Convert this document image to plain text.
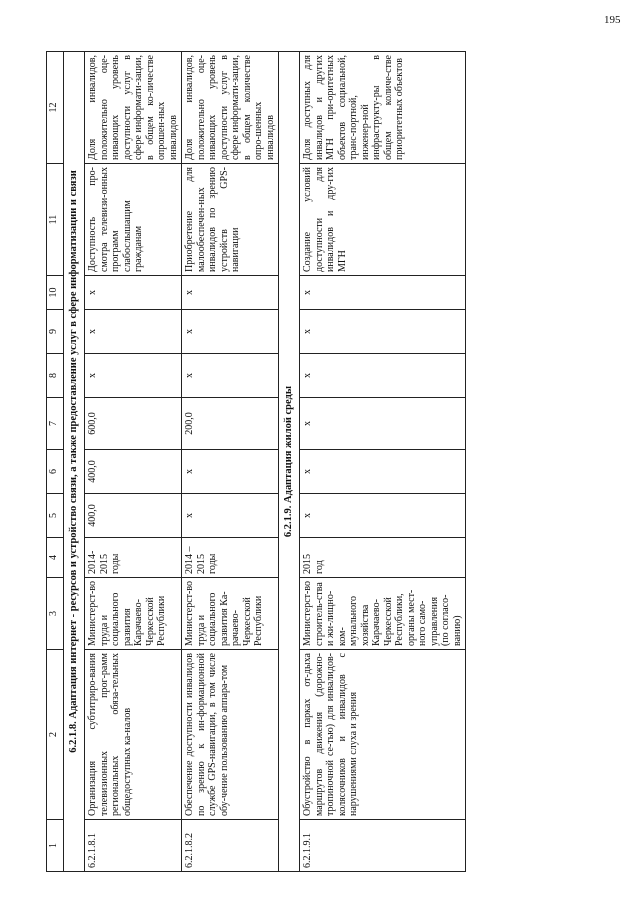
195
1	2	3	4	5	6	7	8	9	10	11	12
6.2.1.8. Адаптация интернет - ресурсов и устройство связи, а также предоставление услуг в сфере информатизации и связи											
6.2.1.8.1	Организация субтитриро-вания телевизионных прог-рамм региональных обяза-тельных общедоступных ка-налов	Министерст-во труда и социального развития Карачаево-Черкесской Республики	2014-2015 годы	400,0	400,0	600,0	x	x	x	Доступность про-смотра телевизи-онных программ слабослышащим гражданам	Доля инвалидов, положительно оце-нивающих уровень доступности услуг в сфере информати-зации, в общем ко-личестве опрошен-ных инвалидов
6.2.1.8.2	Обеспечение доступности инвалидов по зрению к ин-формационной службе GPS-навигации, в том числе обу-чение пользованию аппара-том	Министерст-во труда и социального развития Ка-рачаево-Черкесской Республики	2014 – 2015 годы	x	x	200,0	x	x	x	Приобретение для малообеспечен-ных инвалидов по зрению устройств GPS-навигации	Доля инвалидов, положительно оце-нивающих уровень доступности услуг в сфере информати-зации, в общем количестве опро-шенных инвалидов
6.2.1.9. Адаптация жилой среды											
6.2.1.9.1	Обустройство в парках от-дыха маршрутов движения (дорожно-тропиночной се-тью) для инвалидов-колясочников и инвалидов с нарушениями слуха и зрения	Министерст-во строитель-ства и жи-лищно-ком-мунального хозяйства Карачаево-Черкесской Республики, органы мест-ного само-управления (по согласо-ванию)	2015 год	x	x	x	x	x	x	Создание условий доступности для инвалидов и дру-гих МГН	Доля доступных для инвалидов и других МГН при-оритетных объектов социальной, транс-портной, инженер-ной инфраструкту-ры в общем количе-стве приоритетных объектов
